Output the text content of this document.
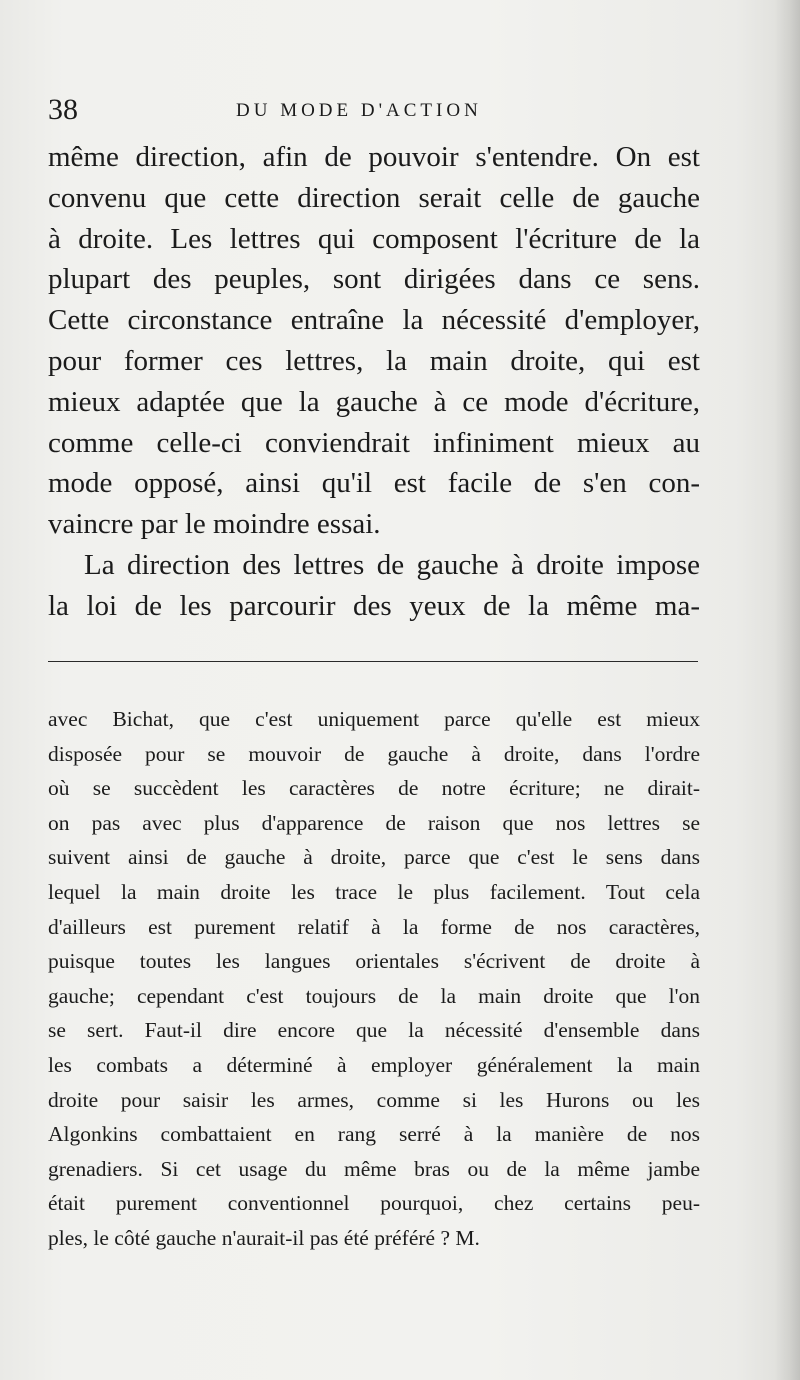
38	DU MODE D'ACTION
même direction, afin de pouvoir s'entendre. On est
convenu que cette direction serait celle de gauche
à droite. Les lettres qui composent l'écriture de la
plupart des peuples, sont dirigées dans ce sens.
Cette circonstance entraîne la nécessité d'employer,
pour former ces lettres, la main droite, qui est
mieux adaptée que la gauche à ce mode d'écriture,
comme celle-ci conviendrait infiniment mieux au
mode opposé, ainsi qu'il est facile de s'en con-
vaincre par le moindre essai.
La direction des lettres de gauche à droite impose
la loi de les parcourir des yeux de la même ma-
avec Bichat, que c'est uniquement parce qu'elle est mieux
disposée pour se mouvoir de gauche à droite, dans l'ordre
où se succèdent les caractères de notre écriture; ne dirait-
on pas avec plus d'apparence de raison que nos lettres se
suivent ainsi de gauche à droite, parce que c'est le sens dans
lequel la main droite les trace le plus facilement. Tout cela
d'ailleurs est purement relatif à la forme de nos caractères,
puisque toutes les langues orientales s'écrivent de droite à
gauche; cependant c'est toujours de la main droite que l'on
se sert. Faut-il dire encore que la nécessité d'ensemble dans
les combats a déterminé à employer généralement la main
droite pour saisir les armes, comme si les Hurons ou les
Algonkins combattaient en rang serré à la manière de nos
grenadiers. Si cet usage du même bras ou de la même jambe
était purement conventionnel pourquoi, chez certains peu-
ples, le côté gauche n'aurait-il pas été préféré ? M.
